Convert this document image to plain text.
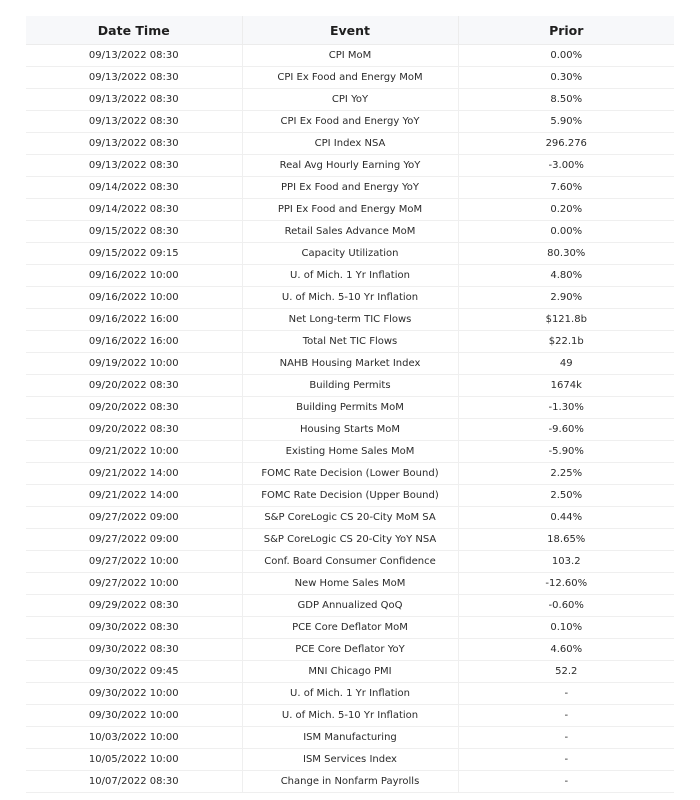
Date Time	Event	Prior
09/13/2022 08:30	CPI MoM	0.00%
09/13/2022 08:30	CPI Ex Food and Energy MoM	0.30%
09/13/2022 08:30	CPI YoY	8.50%
09/13/2022 08:30	CPI Ex Food and Energy YoY	5.90%
09/13/2022 08:30	CPI Index NSA	296.276
09/13/2022 08:30	Real Avg Hourly Earning YoY	-3.00%
09/14/2022 08:30	PPI Ex Food and Energy YoY	7.60%
09/14/2022 08:30	PPI Ex Food and Energy MoM	0.20%
09/15/2022 08:30	Retail Sales Advance MoM	0.00%
09/15/2022 09:15	Capacity Utilization	80.30%
09/16/2022 10:00	U. of Mich. 1 Yr Inflation	4.80%
09/16/2022 10:00	U. of Mich. 5-10 Yr Inflation	2.90%
09/16/2022 16:00	Net Long-term TIC Flows	$121.8b
09/16/2022 16:00	Total Net TIC Flows	$22.1b
09/19/2022 10:00	NAHB Housing Market Index	49
09/20/2022 08:30	Building Permits	1674k
09/20/2022 08:30	Building Permits MoM	-1.30%
09/20/2022 08:30	Housing Starts MoM	-9.60%
09/21/2022 10:00	Existing Home Sales MoM	-5.90%
09/21/2022 14:00	FOMC Rate Decision (Lower Bound)	2.25%
09/21/2022 14:00	FOMC Rate Decision (Upper Bound)	2.50%
09/27/2022 09:00	S&P CoreLogic CS 20-City MoM SA	0.44%
09/27/2022 09:00	S&P CoreLogic CS 20-City YoY NSA	18.65%
09/27/2022 10:00	Conf. Board Consumer Confidence	103.2
09/27/2022 10:00	New Home Sales MoM	-12.60%
09/29/2022 08:30	GDP Annualized QoQ	-0.60%
09/30/2022 08:30	PCE Core Deflator MoM	0.10%
09/30/2022 08:30	PCE Core Deflator YoY	4.60%
09/30/2022 09:45	MNI Chicago PMI	52.2
09/30/2022 10:00	U. of Mich. 1 Yr Inflation	-
09/30/2022 10:00	U. of Mich. 5-10 Yr Inflation	-
10/03/2022 10:00	ISM Manufacturing	-
10/05/2022 10:00	ISM Services Index	-
10/07/2022 08:30	Change in Nonfarm Payrolls	-
